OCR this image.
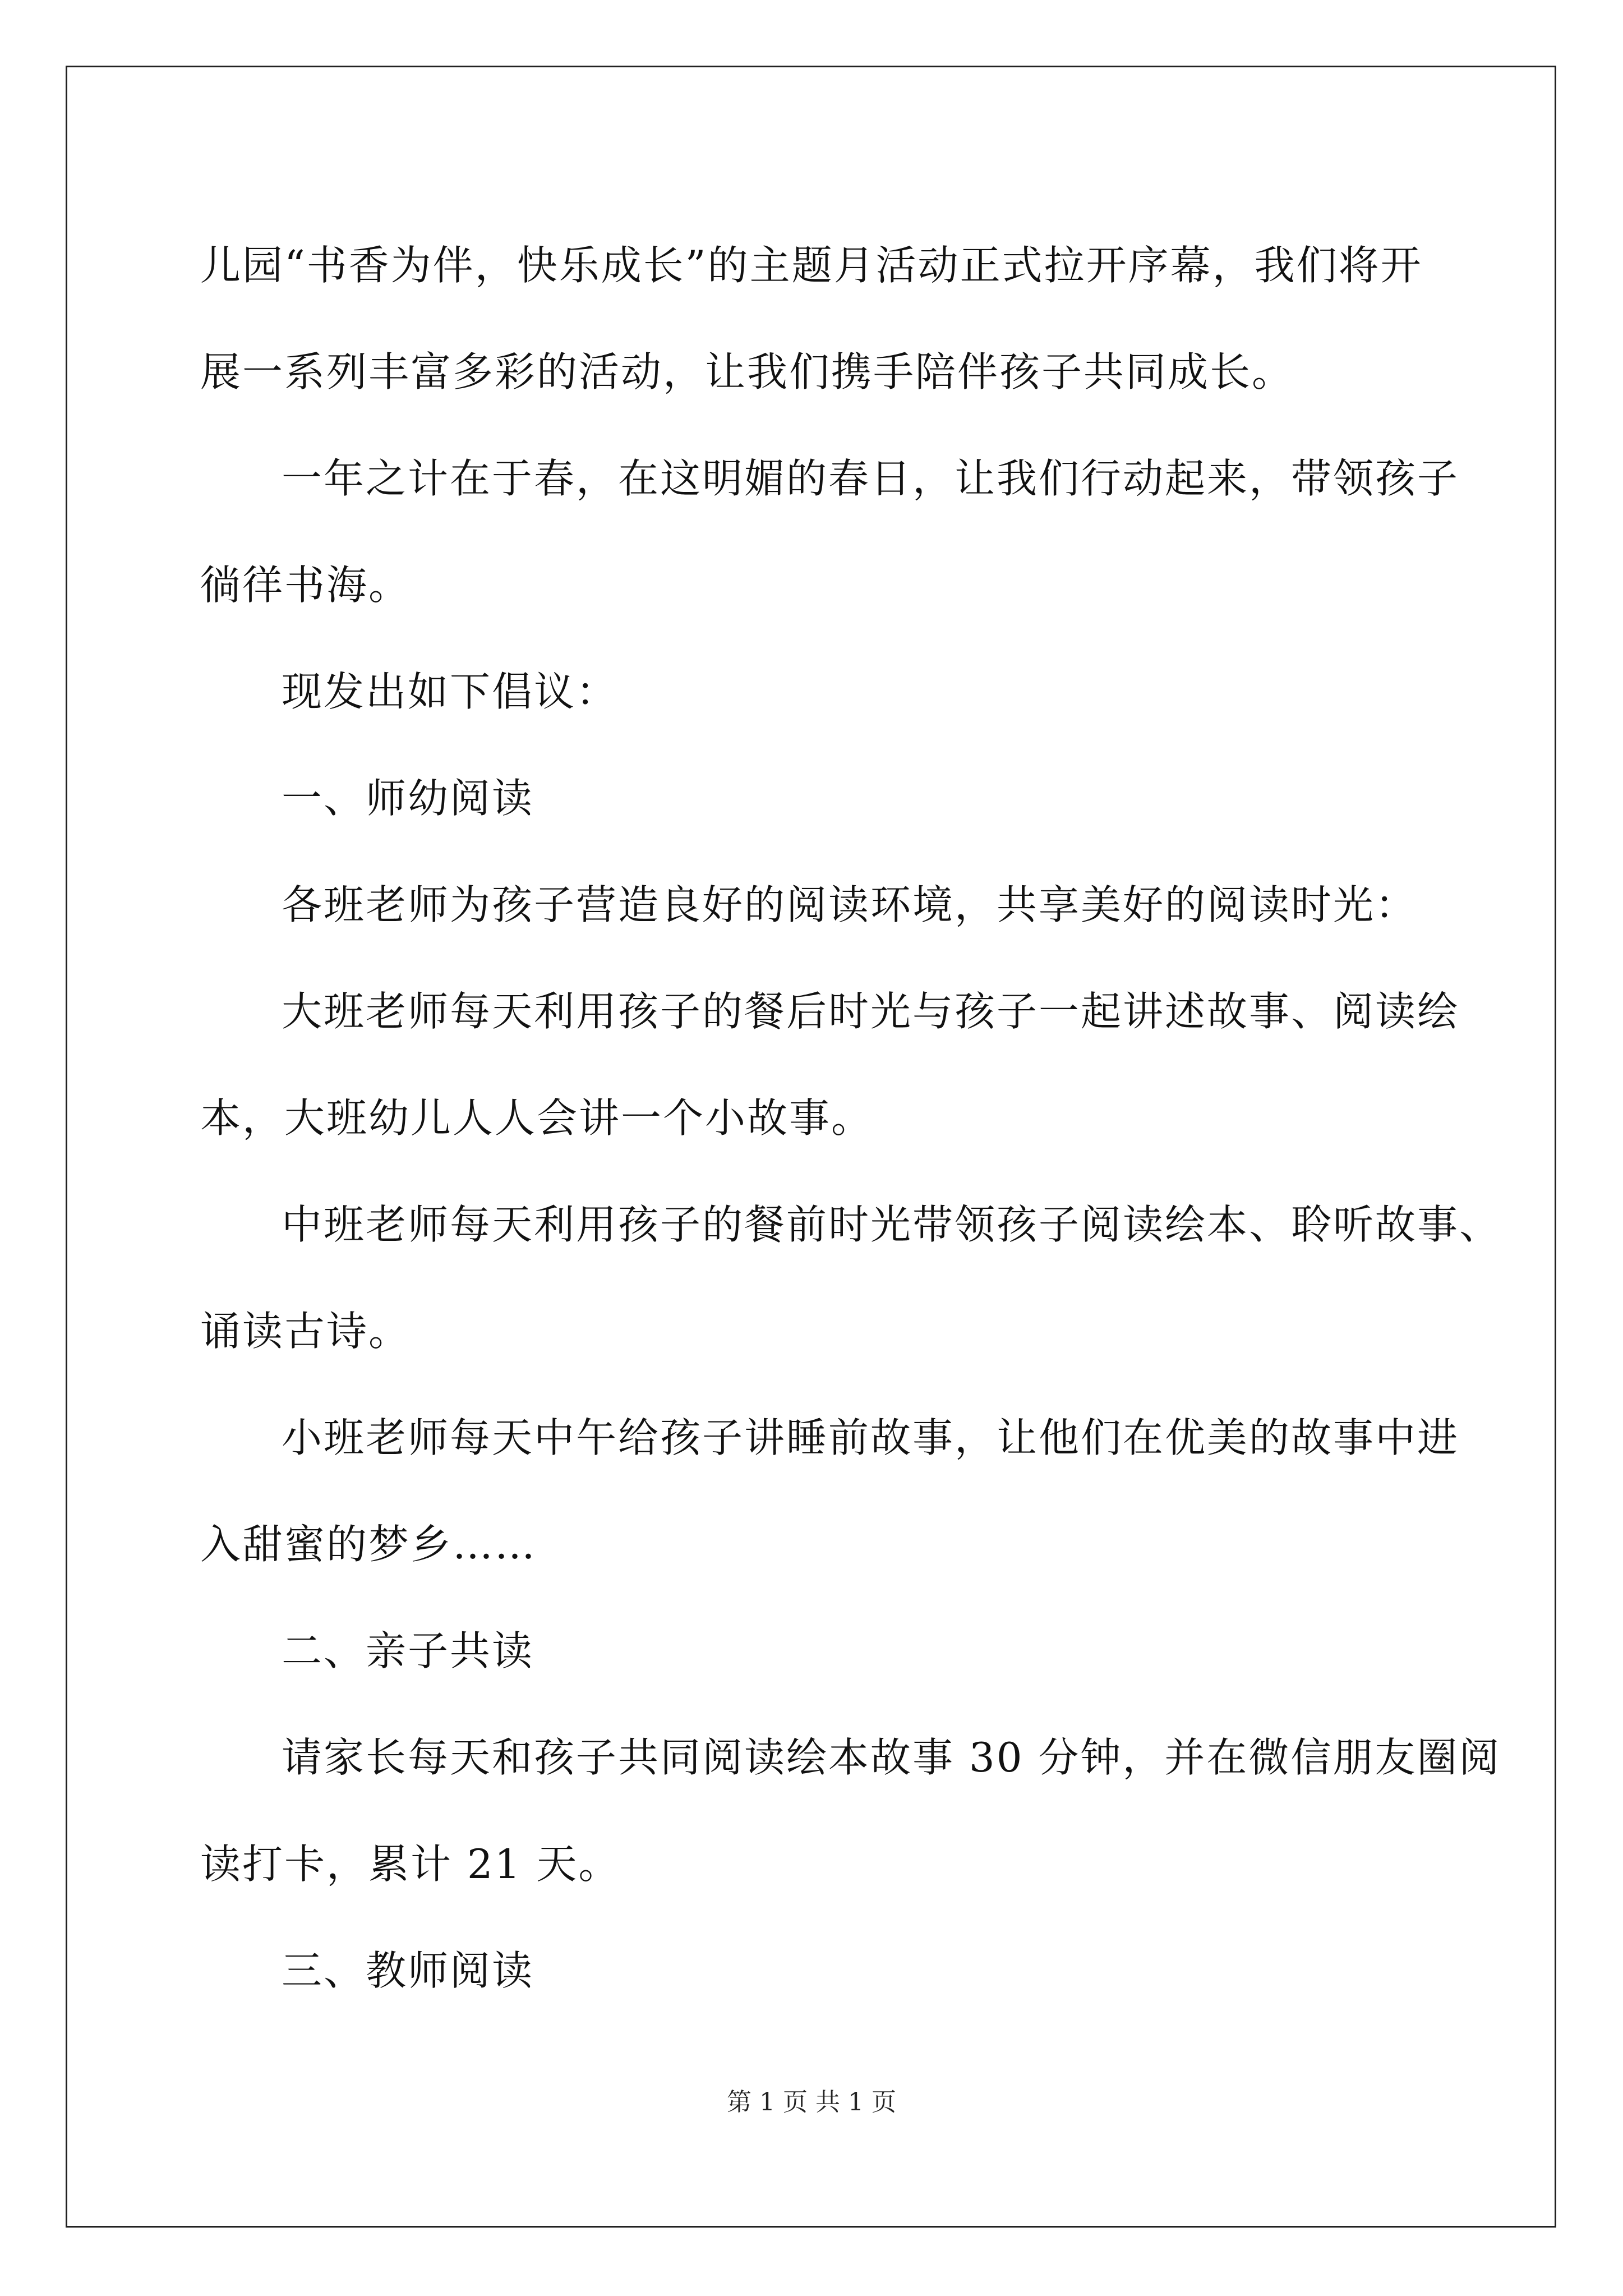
儿园“书香为伴，快乐成长”的主题月活动正式拉开序幕，我们将开
展一系列丰富多彩的活动，让我们携手陪伴孩子共同成长。
一年之计在于春，在这明媚的春日，让我们行动起来，带领孩子
徜徉书海。
现发出如下倡议：
一、师幼阅读
各班老师为孩子营造良好的阅读环境，共享美好的阅读时光：
大班老师每天利用孩子的餐后时光与孩子一起讲述故事、阅读绘
本，大班幼儿人人会讲一个小故事。
中班老师每天利用孩子的餐前时光带领孩子阅读绘本、聆听故事、
诵读古诗。
小班老师每天中午给孩子讲睡前故事，让他们在优美的故事中进
入甜蜜的梦乡……
二、亲子共读
请家长每天和孩子共同阅读绘本故事 30 分钟，并在微信朋友圈阅
读打卡，累计 21 天。
三、教师阅读
第 1 页 共 1 页
